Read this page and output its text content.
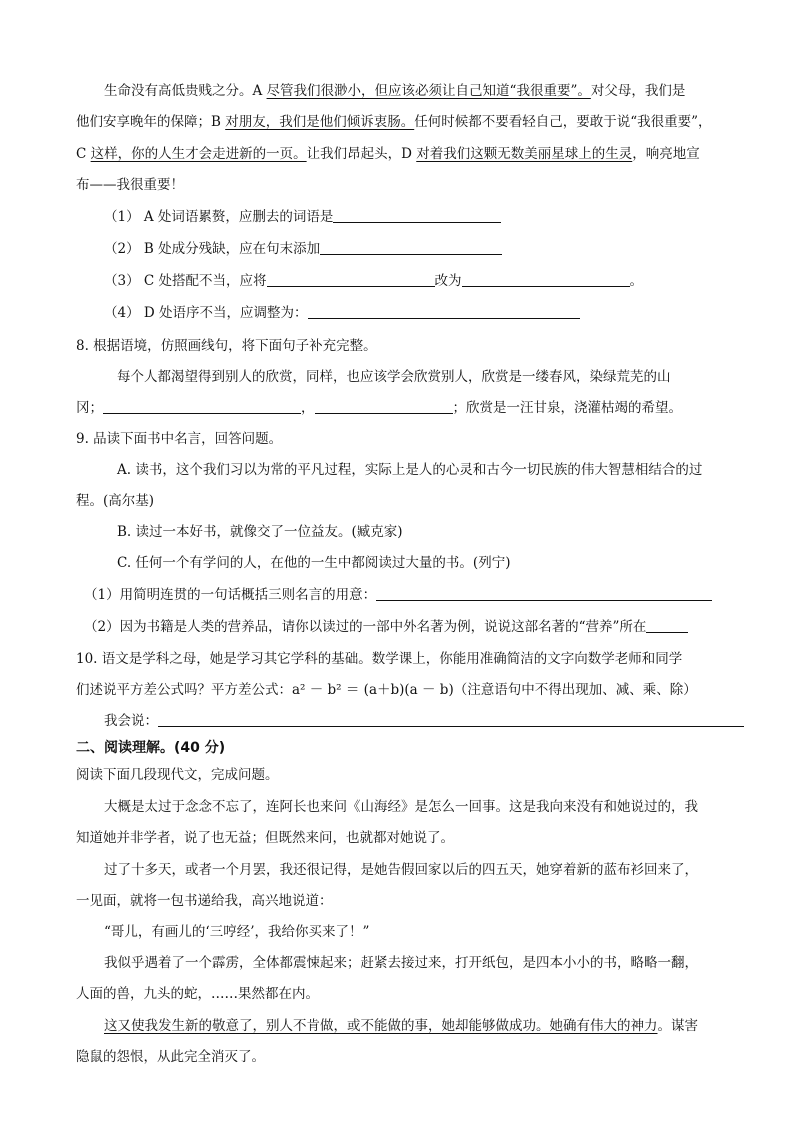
生命没有高低贵贱之分。A 尽管我们很渺小，但应该必须让自己知道“我很重要”。对父母，我们是
他们安享晚年的保障；B 对朋友，我们是他们倾诉衷肠。任何时候都不要看轻自己，要敢于说“我很重要”，
C 这样，你的人生才会走进新的一页。让我们昂起头，D 对着我们这颗无数美丽星球上的生灵，响亮地宣
布——我很重要！
（1） A 处词语累赘，应删去的词语是
（2） B 处成分残缺，应在句末添加
（3） C 处搭配不当，应将	改为	。
（4） D 处语序不当，应调整为：
8. 根据语境，仿照画线句，将下面句子补充完整。
每个人都渴望得到别人的欣赏，同样，也应该学会欣赏别人，欣赏是一缕春风，染绿荒芜的山
冈；	，	；欣赏是一汪甘泉，浇灌枯竭的希望。
9. 品读下面书中名言，回答问题。
A. 读书，这个我们习以为常的平凡过程，实际上是人的心灵和古今一切民族的伟大智慧相结合的过
程。(高尔基)
B. 读过一本好书，就像交了一位益友。(臧克家)
C. 任何一个有学问的人，在他的一生中都阅读过大量的书。(列宁)
（1）用简明连贯的一句话概括三则名言的用意：
（2）因为书籍是人类的营养品，请你以读过的一部中外名著为例，说说这部名著的“营养”所在
10. 语文是学科之母，她是学习其它学科的基础。数学课上，你能用准确简洁的文字向数学老师和同学
们述说平方差公式吗？平方差公式：a² － b² ＝ (a＋b)(a － b)（注意语句中不得出现加、减、乘、除）
我会说：
二、阅读理解。(40 分)
阅读下面几段现代文，完成问题。
大概是太过于念念不忘了，连阿长也来问《山海经》是怎么一回事。这是我向来没有和她说过的，我
知道她并非学者，说了也无益；但既然来问，也就都对她说了。
过了十多天，或者一个月罢，我还很记得，是她告假回家以后的四五天，她穿着新的蓝布衫回来了，
一见面，就将一包书递给我，高兴地说道：
“哥儿，有画儿的‘三哼经’，我给你买来了！”
我似乎遇着了一个霹雳，全体都震悚起来；赶紧去接过来，打开纸包，是四本小小的书，略略一翻，
人面的兽，九头的蛇，……果然都在内。
这又使我发生新的敬意了，别人不肯做，或不能做的事，她却能够做成功。她确有伟大的神力。谋害
隐鼠的怨恨，从此完全消灭了。
